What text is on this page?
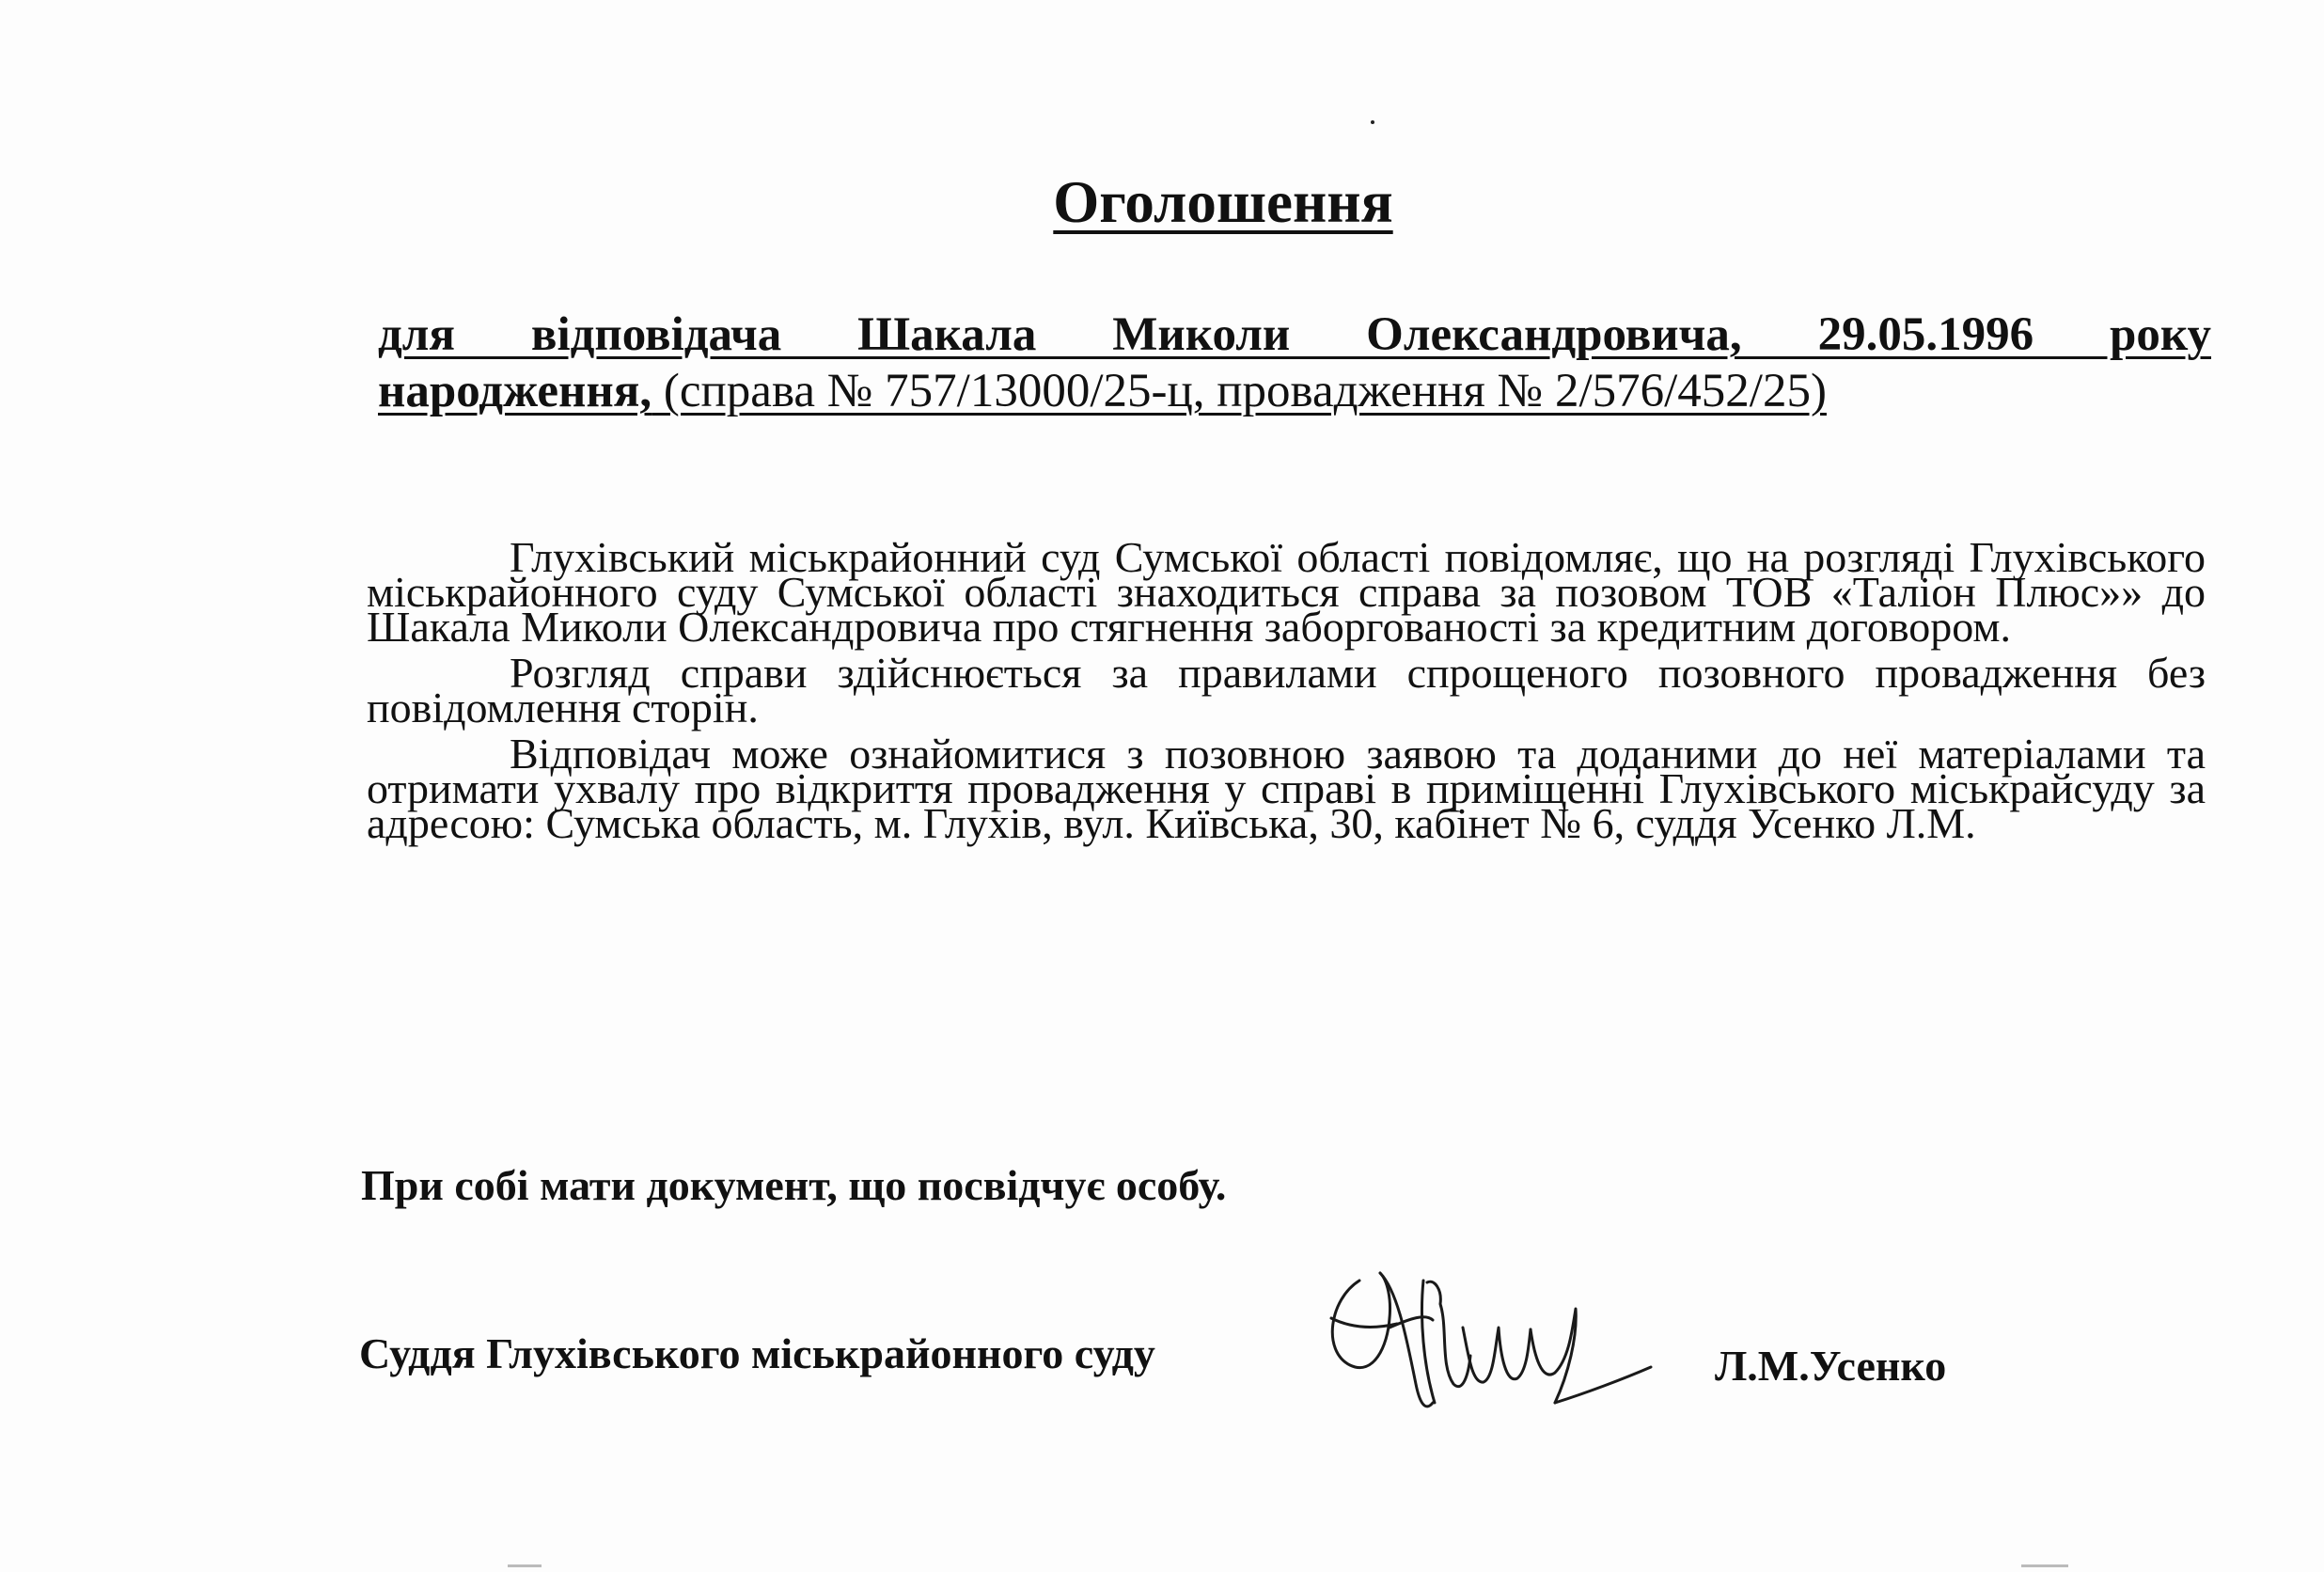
Оголошення
для відповідача Шакала Миколи Олександровича, 29.05.1996 року
народження, (справа № 757/13000/25-ц, провадження № 2/576/452/25)

Глухівський міськрайонний суд Сумської області повідомляє, що на розгляді Глухівського міськрайонного суду Сумської області знаходиться справа за позовом ТОВ «Таліон Плюс»» до Шакала Миколи Олександровича про стягнення заборгованості за кредитним договором.

Розгляд справи здійснюється за правилами спрощеного позовного провадження без повідомлення сторін.

Відповідач може ознайомитися з позовною заявою та доданими до неї матеріалами та отримати ухвалу про відкриття провадження у справі в приміщенні Глухівського міськрайсуду за адресою: Сумська область, м. Глухів, вул. Київська, 30, кабінет № 6, суддя Усенко Л.М.

При собі мати документ, що посвідчує особу.
Суддя Глухівського міськрайонного суду	Л.М.Усенко
